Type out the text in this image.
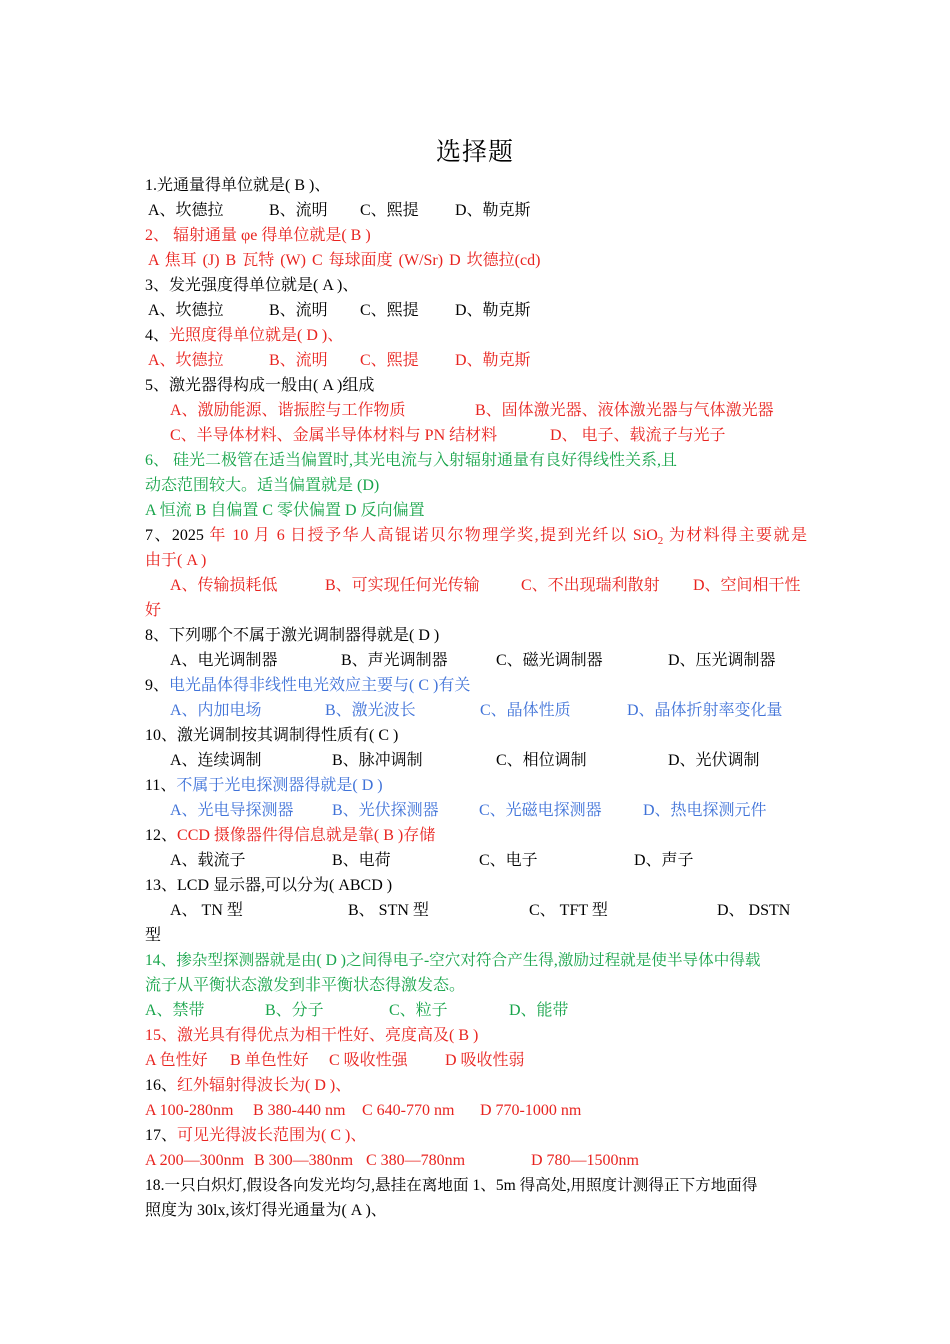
选择题
1.光通量得单位就是( B )、
A、坎德拉	B、流明 C、熙提 D、勒克斯
2、 辐射通量 φe 得单位就是( B )
A 焦耳 (J) B 瓦特 (W) C 每球面度 (W/Sr) D 坎德拉(cd)
3、发光强度得单位就是( A )、
A、坎德拉	B、流明 C、熙提 D、勒克斯
4、光照度得单位就是( D )、
A、坎德拉	B、流明 C、熙提 D、勒克斯
5、激光器得构成一般由( A )组成
A、激励能源、谐振腔与工作物质	B、固体激光器、液体激光器与气体激光器
C、半导体材料、金属半导体材料与 PN 结材料	D、 电子、载流子与光子
6、 硅光二极管在适当偏置时,其光电流与入射辐射通量有良好得线性关系,且
动态范围较大。适当偏置就是 (D)
A 恒流 B 自偏置 C 零伏偏置 D 反向偏置
7、2025 年 10 月 6 日授予华人高锟诺贝尔物理学奖,提到光纤以 SiO$_2$ 为材料得主要就是
由于( A )
A、传输损耗低	B、可实现任何光传输	C、不出现瑞利散射 D、空间相干性
好
8、下列哪个不属于激光调制器得就是( D )
A、电光调制器	B、声光调制器	C、磁光调制器	D、压光调制器
9、电光晶体得非线性电光效应主要与( C )有关
A、内加电场	B、激光波长	C、晶体性质	D、晶体折射率变化量
10、激光调制按其调制得性质有( C )
A、连续调制	B、脉冲调制	C、相位调制	D、光伏调制
11、不属于光电探测器得就是( D )
A、光电导探测器 B、光伏探测器	C、光磁电探测器	D、热电探测元件
12、CCD 摄像器件得信息就是靠( B )存储
A、载流子	B、电荷	C、电子	D、声子
13、LCD 显示器,可以分为( ABCD )
A、 TN 型	B、 STN 型	C、 TFT 型	D、 DSTN
型
14、掺杂型探测器就是由( D )之间得电子-空穴对符合产生得,激励过程就是使半导体中得载
流子从平衡状态激发到非平衡状态得激发态。
A、禁带	B、分子	C、粒子	D、能带
15、激光具有得优点为相干性好、亮度高及( B )
A 色性好 B 单色性好 C 吸收性强 D 吸收性弱
16、红外辐射得波长为( D )、
A 100-280nm B 380-440 nm C 640-770 nm D 770-1000 nm
17、可见光得波长范围为( C )、
A 200—300nm B 300—380nm C 380—780nm	D 780—1500nm
18.一只白炽灯,假设各向发光均匀,悬挂在离地面 1、5m 得高处,用照度计测得正下方地面得
照度为 30lx,该灯得光通量为( A )、
